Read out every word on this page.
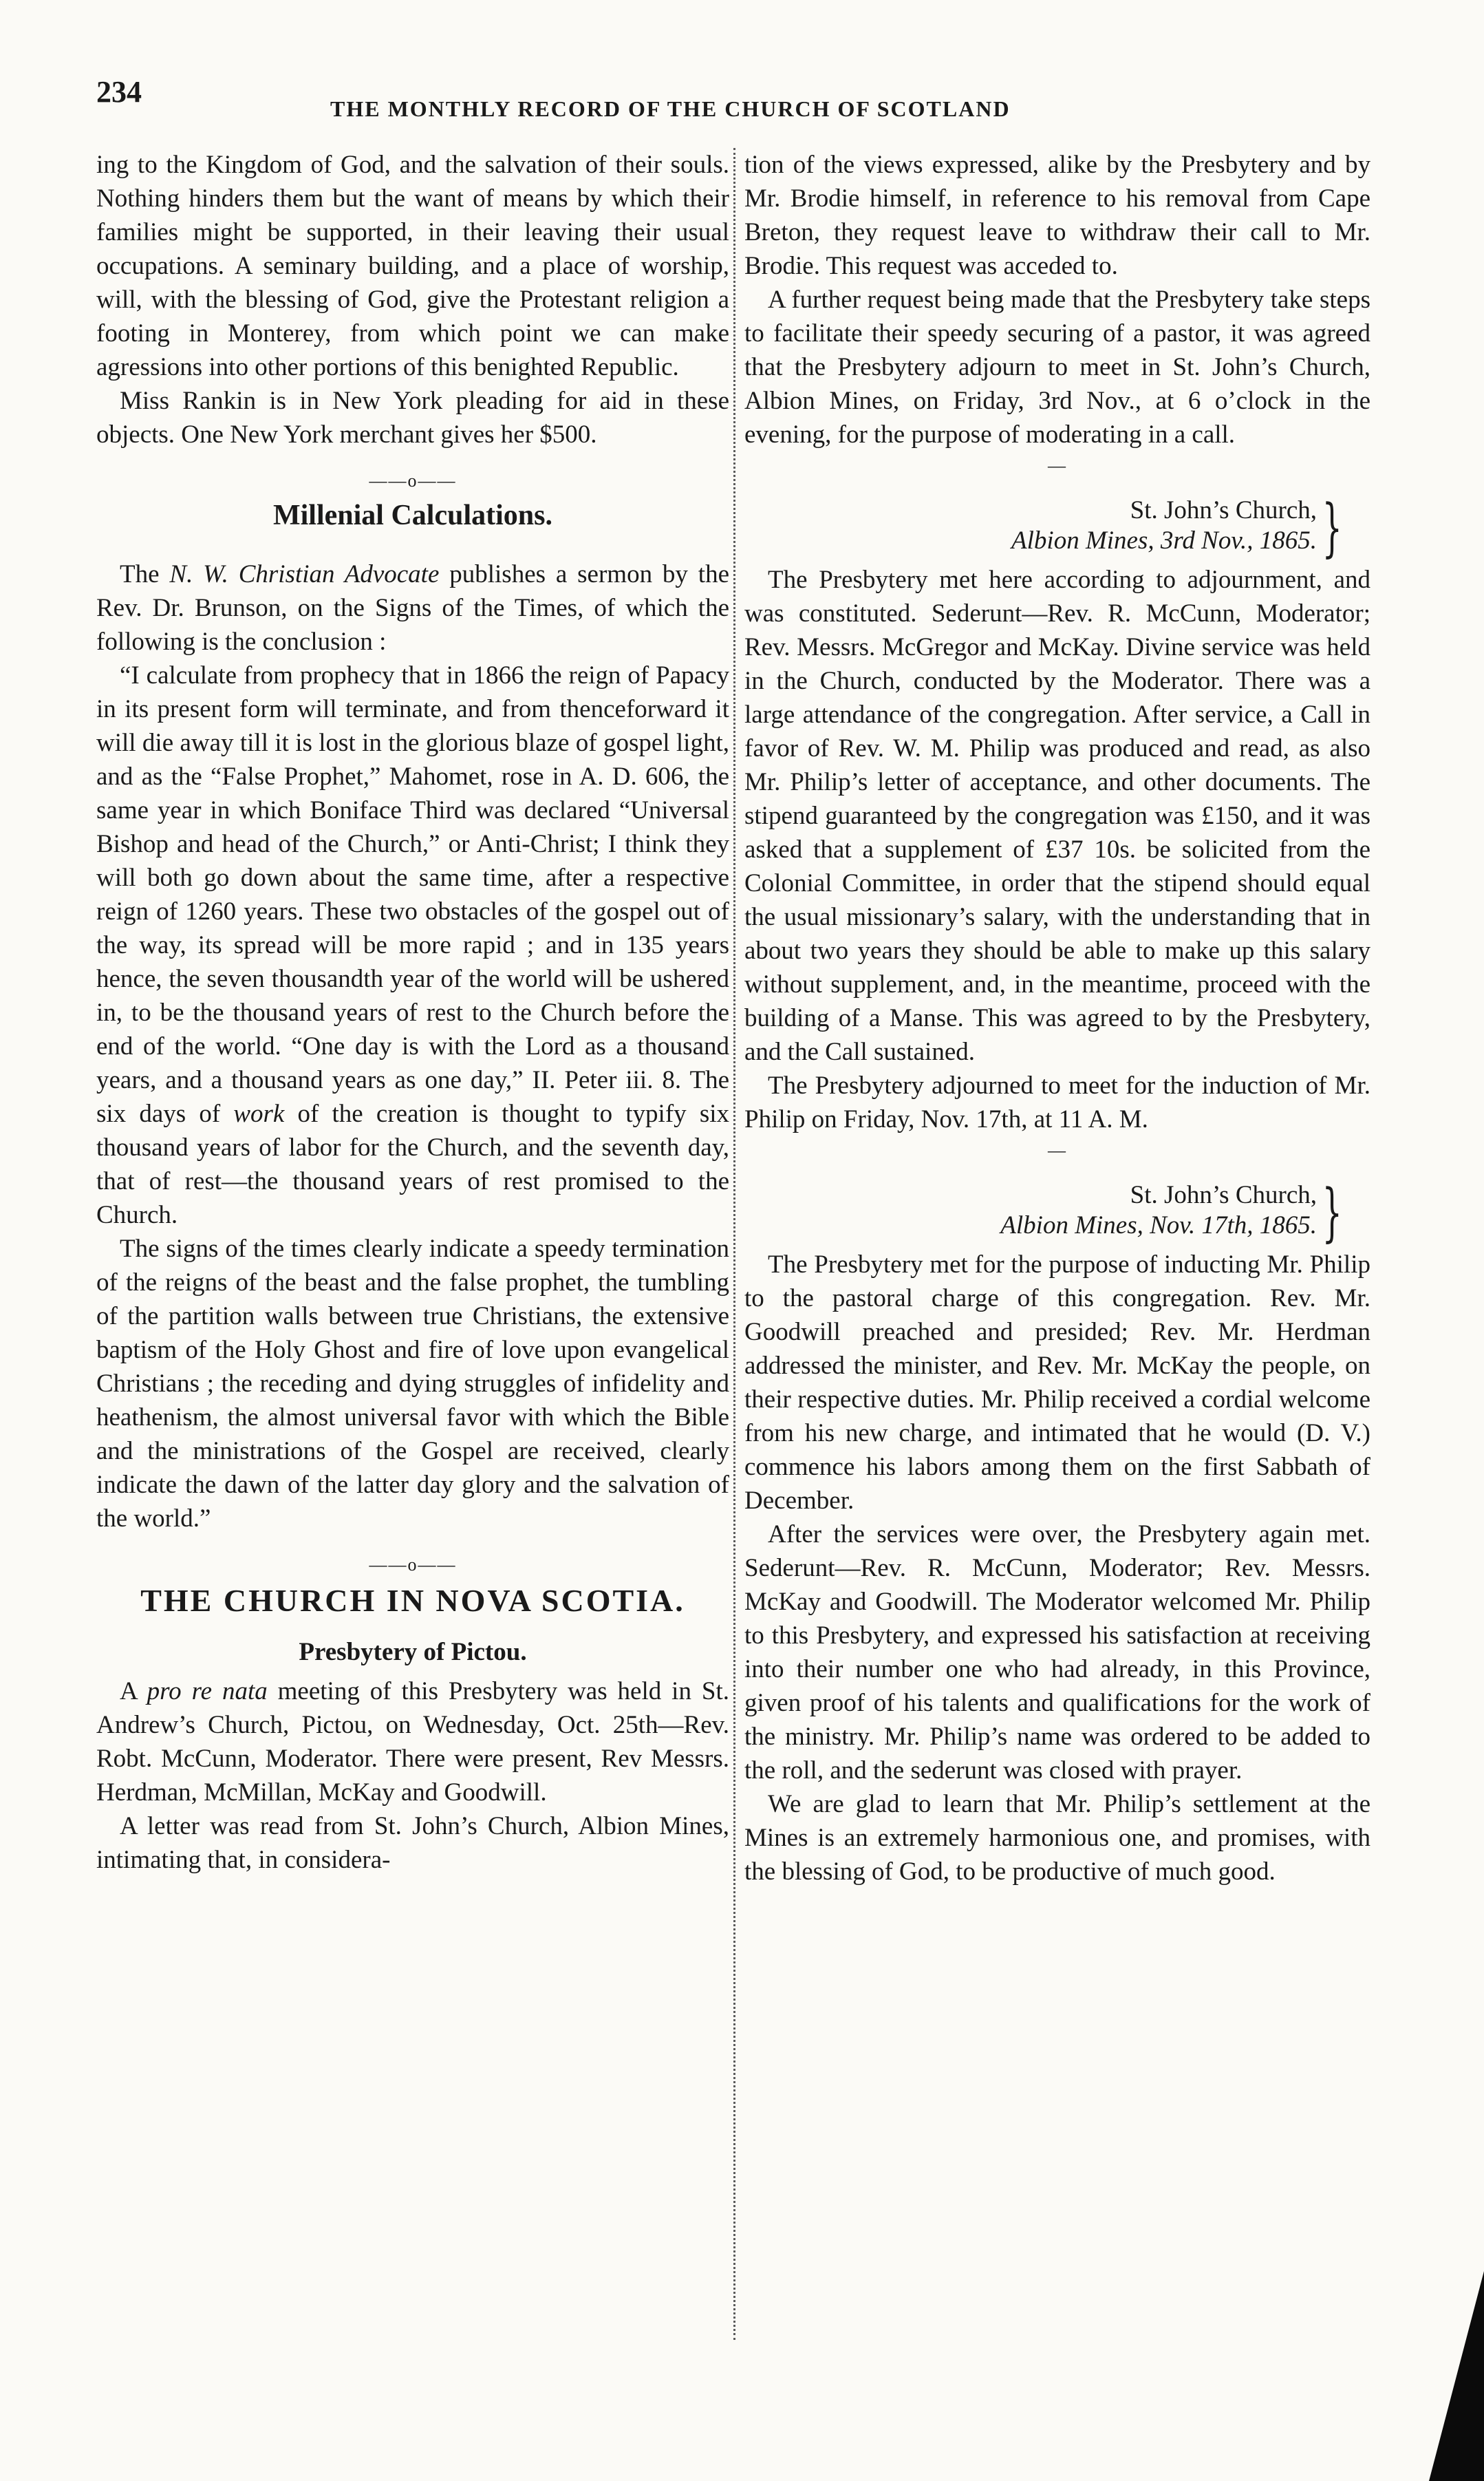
234	THE MONTHLY RECORD OF THE CHURCH OF SCOTLAND

ing to the Kingdom of God, and the salvation of their souls. Nothing hinders them but the want of means by which their families might be supported, in their leaving their usual occupations. A seminary building, and a place of worship, will, with the blessing of God, give the Protestant religion a footing in Monterey, from which point we can make agressions into other portions of this benighted Republic.

Miss Rankin is in New York pleading for aid in these objects. One New York merchant gives her $500.

——o——
Millenial Calculations.

The N. W. Christian Advocate publishes a sermon by the Rev. Dr. Brunson, on the Signs of the Times, of which the following is the conclusion :

“I calculate from prophecy that in 1866 the reign of Papacy in its present form will terminate, and from thenceforward it will die away till it is lost in the glorious blaze of gospel light, and as the “False Prophet,” Mahomet, rose in A. D. 606, the same year in which Boniface Third was declared “Universal Bishop and head of the Church,” or Anti-Christ; I think they will both go down about the same time, after a respective reign of 1260 years. These two obstacles of the gospel out of the way, its spread will be more rapid ; and in 135 years hence, the seven thousandth year of the world will be ushered in, to be the thousand years of rest to the Church before the end of the world. “One day is with the Lord as a thousand years, and a thousand years as one day,” II. Peter iii. 8. The six days of work of the creation is thought to typify six thousand years of labor for the Church, and the seventh day, that of rest—the thousand years of rest promised to the Church.

The signs of the times clearly indicate a speedy termination of the reigns of the beast and the false prophet, the tumbling of the partition walls between true Christians, the extensive baptism of the Holy Ghost and fire of love upon evangelical Christians ; the receding and dying struggles of infidelity and heathenism, the almost universal favor with which the Bible and the ministrations of the Gospel are received, clearly indicate the dawn of the latter day glory and the salvation of the world.”

——o——
THE CHURCH IN NOVA SCOTIA.
Presbytery of Pictou.

A pro re nata meeting of this Presbytery was held in St. Andrew’s Church, Pictou, on Wednesday, Oct. 25th—Rev. Robt. McCunn, Moderator. There were present, Rev Messrs. Herdman, McMillan, McKay and Goodwill.

A letter was read from St. John’s Church, Albion Mines, intimating that, in considera-

tion of the views expressed, alike by the Presbytery and by Mr. Brodie himself, in reference to his removal from Cape Breton, they request leave to withdraw their call to Mr. Brodie. This request was acceded to.

A further request being made that the Presbytery take steps to facilitate their speedy securing of a pastor, it was agreed that the Presbytery adjourn to meet in St. John’s Church, Albion Mines, on Friday, 3rd Nov., at 6 o’clock in the evening, for the purpose of moderating in a call.

—
St. John’s Church,
Albion Mines, 3rd Nov., 1865. }

The Presbytery met here according to adjournment, and was constituted. Sederunt—Rev. R. McCunn, Moderator; Rev. Messrs. McGregor and McKay. Divine service was held in the Church, conducted by the Moderator. There was a large attendance of the congregation. After service, a Call in favor of Rev. W. M. Philip was produced and read, as also Mr. Philip’s letter of acceptance, and other documents. The stipend guaranteed by the congregation was £150, and it was asked that a supplement of £37 10s. be solicited from the Colonial Committee, in order that the stipend should equal the usual missionary’s salary, with the understanding that in about two years they should be able to make up this salary without supplement, and, in the meantime, proceed with the building of a Manse. This was agreed to by the Presbytery, and the Call sustained.

The Presbytery adjourned to meet for the induction of Mr. Philip on Friday, Nov. 17th, at 11 A. M.

—
St. John’s Church,
Albion Mines, Nov. 17th, 1865. }

The Presbytery met for the purpose of inducting Mr. Philip to the pastoral charge of this congregation. Rev. Mr. Goodwill preached and presided; Rev. Mr. Herdman addressed the minister, and Rev. Mr. McKay the people, on their respective duties. Mr. Philip received a cordial welcome from his new charge, and intimated that he would (D. V.) commence his labors among them on the first Sabbath of December.

After the services were over, the Presbytery again met. Sederunt—Rev. R. McCunn, Moderator; Rev. Messrs. McKay and Goodwill. The Moderator welcomed Mr. Philip to this Presbytery, and expressed his satisfaction at receiving into their number one who had already, in this Province, given proof of his talents and qualifications for the work of the ministry. Mr. Philip’s name was ordered to be added to the roll, and the sederunt was closed with prayer.

We are glad to learn that Mr. Philip’s settlement at the Mines is an extremely harmonious one, and promises, with the blessing of God, to be productive of much good.
